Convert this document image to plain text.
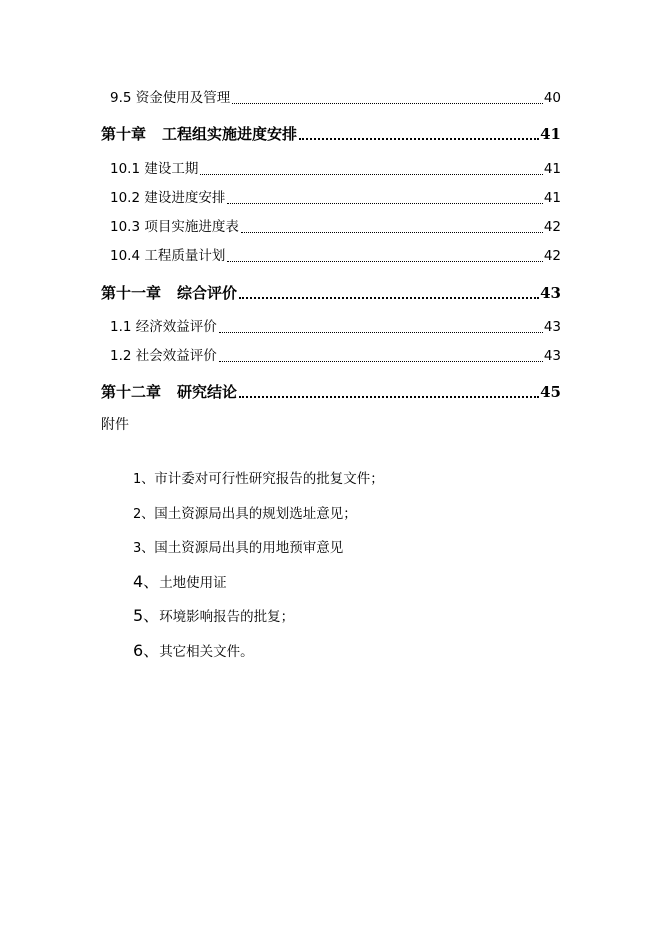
9.5 资金使用及管理	40
第十章 工程组实施进度安排	41
10.1 建设工期	41
10.2 建设进度安排	41
10.3 项目实施进度表	42
10.4 工程质量计划	42
第十一章 综合评价	43
1.1 经济效益评价	43
1.2 社会效益评价	43
第十二章 研究结论	45
附件
1、市计委对可行性研究报告的批复文件；
2、国土资源局出具的规划选址意见；
3、国土资源局出具的用地预审意见
4、土地使用证
5、环境影响报告的批复；
6、其它相关文件。
